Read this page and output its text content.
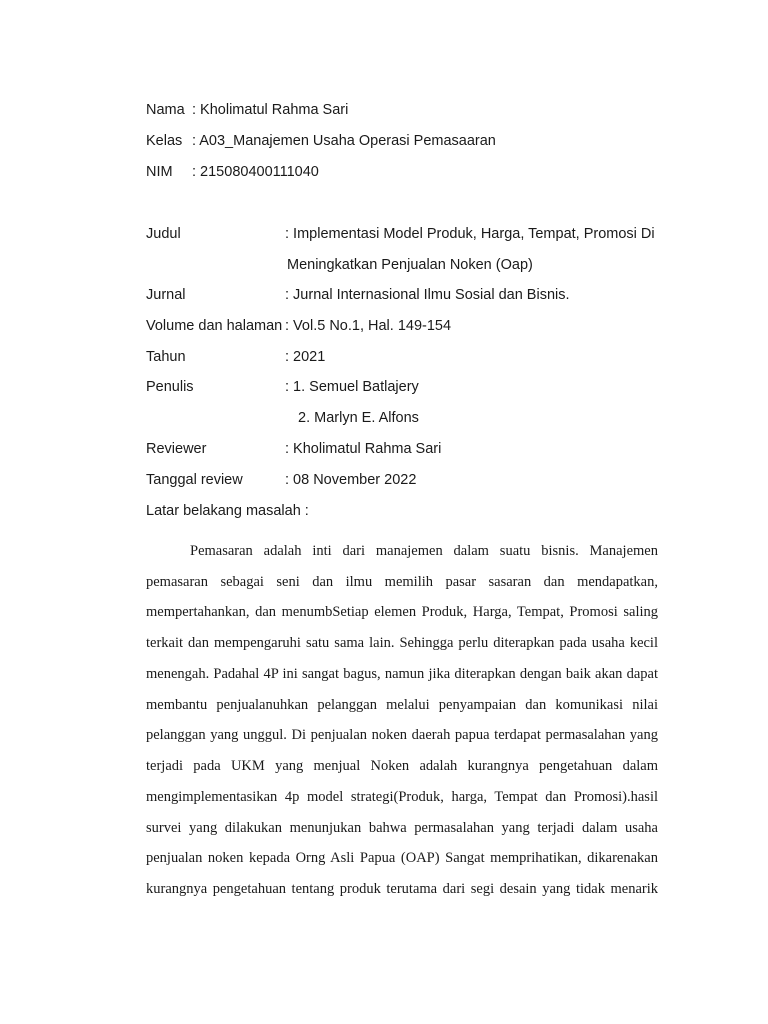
Nama : Kholimatul Rahma Sari
Kelas : A03_Manajemen Usaha Operasi Pemasaaran
NIM : 215080400111040
Judul	: Implementasi Model Produk, Harga, Tempat, Promosi Di
Meningkatkan Penjualan Noken (Oap)
Jurnal	: Jurnal Internasional Ilmu Sosial dan Bisnis.
Volume dan halaman : Vol.5 No.1, Hal. 149-154
Tahun	: 2021
Penulis	: 1. Semuel Batlajery
2. Marlyn E. Alfons
Reviewer	: Kholimatul Rahma Sari
Tanggal review	: 08 November 2022
Latar belakang masalah :
Pemasaran adalah inti dari manajemen dalam suatu bisnis. Manajemen
pemasaran sebagai seni dan ilmu memilih pasar sasaran dan mendapatkan,
mempertahankan, dan menumbSetiap elemen Produk, Harga, Tempat, Promosi saling
terkait dan mempengaruhi satu sama lain. Sehingga perlu diterapkan pada usaha kecil
menengah. Padahal 4P ini sangat bagus, namun jika diterapkan dengan baik akan dapat
membantu penjualanuhkan pelanggan melalui penyampaian dan komunikasi nilai
pelanggan yang unggul. Di penjualan noken daerah papua terdapat permasalahan yang
terjadi pada UKM yang menjual Noken adalah kurangnya pengetahuan dalam
mengimplementasikan 4p model strategi(Produk, harga, Tempat dan Promosi).hasil
survei yang dilakukan menunjukan bahwa permasalahan yang terjadi dalam usaha
penjualan noken kepada Orng Asli Papua (OAP) Sangat memprihatikan, dikarenakan
kurangnya pengetahuan tentang produk terutama dari segi desain yang tidak menarik
